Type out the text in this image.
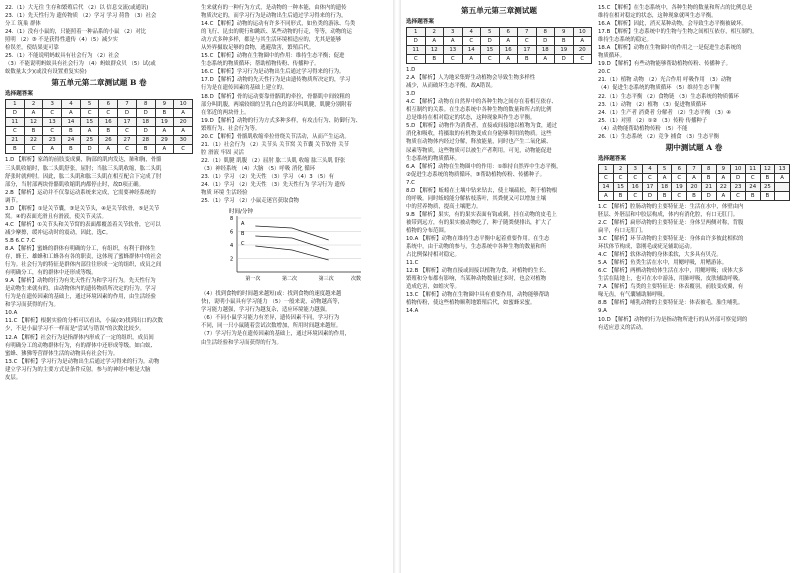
22.（1）大无往 生存和繁殖后代 （2）以 信息交流(或通讯)

23.（1）先天性行为 遗传物质 （2）学习 学习 荷鲁 （3）社会

分工 筑巢 群体

24.（1）没有小鼠的，只能照着一种品系的小鼠 （2）对比

照明 （2）③ 不是获得性遗传（4）（5）减少实

检误差，使结果更可靠

25.（1）不能说明蚂蚁具有社会行为 （2）社会

（3）不能说明蚂蚁具有社会行为 （4）蚂蚁群众贝 （5）试(或

蚁数量太少)(或没有设置重复实验)

第五单元第二章测试题 B 卷
选择题答案
1	2	3	4	5	6	7	8	9	10
D	A	C	A	C	C	D	D	B	A
11	12	13	14	15	16	17	18	19	20
C	B	C	B	A	B	C	D	A	A
21	22	23	24	25	26	27	28	29	30
B	C	A	B	D	A	C	B	A	C

1.D 【解析】家鸽的前肢变成翼，胸部的肌肉发达，肺和胸，骨骼

三头肌收缩时，肱二头肌舒张，屈肘；当肱三头肌收缩，肱二头肌

舒张时就伸肘。因此，肱二头肌和肱三头肌在相互配合下完成了肘

部分，当肘部两块骨骼肌收缩肌肉都停止时，故D项正确。

2.B 【解析】运动并不仅靠运动系统来完成，它需要神经系统的

调节。

3.D 【解析】①是关节囊，③是关节头，④是关节软骨，⑤是关节

窝。④的表面光滑且有滑液，使关节灵活。

4.C 【解析】①关节头和关节窝的表面都覆盖着关节软骨，它可以

减少摩擦，缓冲运动时的震动，因此，选C。

5.B 6.C 7.C

8.A 【解析】蜜蜂的群体有明确的分工，有组织，有利于群体生

存，蜂王、雄蜂和工蜂各有各的职责，这体现了蜜蜂群体中的社会

行为。社会行为的特征是群体内部往往形成一定的组织，成员之间

有明确分工，有的群体中还形成等级。

9.A 【解析】动物的行为有先天性行为和学习行为。先天性行为

是动物生来就有的，由动物体内的遗传物质所决定的行为。学习

行为是在遗传因素的基础上，通过环境因素的作用，由生活经验

和学习而获得的行为。

10.A

11.C 【解析】根据实验的分析可以看出，小鼠(②)找到出口的次数

少，不是小鼠学习不一样而是"尝试与错误"的次数比较少。

12.A 【解析】社会行为是指群体内形成了一定的组织，成员间

有明确分工的动物群体行为，有的群体中还形成等级。如白蚁、

蜜蜂、狒狒等营群体生活的动物具有社会行为。

13.C 【解析】学习行为是动物出生后通过学习得来的行为。动物

建立学习行为的主要方式是条件反射。参与的神经中枢是大脑

皮层。

生来就有的一种行为方式，是动物的一种本能，由体内的遗传

物质决定的，而学习行为是动物出生后通过学习得来的行为，

14.C 【解析】动物的运动有许多不同形式，如鱼类的游泳、鸟类

的飞行、昆虫的爬行和跳跃、某些动物的行走，等等，动物的运

动方式多种多样，都是与其生活环境相适应的，尤其是能够

从外界摄取足够的食物，逃避敌害，繁殖后代。

15.C 【解析】动物在生物圈中的作用：维持生态平衡；促进

生态系统的物质循环；帮助植物传粉、传播种子。

16.C 【解析】学习行为是动物出生后通过学习得来的行为。

17.D 【解析】动物的先天性行为是由遗传物质所决定的，学习

行为是在遗传因素的基础上建立的。

18.D 【解析】骨的运动要靠骨骼肌的牵拉，骨骼肌中间较粗的

部分叫肌腹，两端较细的呈乳白色的部分叫肌腱，肌腱分别附着

在邻近的两块骨上。

19.D 【解析】动物的行为方式多种多样，有攻击行为、防御行为、

繁殖行为、社会行为等。

20.C 【解析】骨骼肌收缩牵拉骨绕关节活动，从而产生运动。

21.（1）社会行为 （2）关节头 关节窝 关节囊 关节软骨 关节

腔 滑液 牢固 灵活

22.（1）肌腱 肌腹 （2）屈肘 肱二头肌 收缩 肱三头肌 舒张

（3）神经系统 （4）大脑 （5）呼吸 消化 循环

23.（1）学习 （2）先天性 （3）学习 （4）3 （5）有

24.（1）学习 （2）先天性 （3）先天性行为 学习行为 遗传

物质 环境 生活经验

25.（1）学习 （2）小鼠走迷宫获取食物

时间/分钟
8
6
4
2
第一次	第二次	第三次	次数
A
B
C

（4）找到食物的时间越来越短(或：找到食物的速度越来越

快)，说明小鼠具有学习能力 （5）一般来说，动物越高等，

学习能力越强，学习行为越复杂，适应环境能力越强。

（6）不同小鼠学习能力有差异，遗传因素不同，学习行为

不同，同一只小鼠随着尝试次数增加，所用时间越来越短。

（7）学习行为是在遗传因素的基础上，通过环境因素的作用，

由生活经验和学习而获得的行为。

第五单元第三章测试题
选择题答案
1	2	3	4	5	6	7	8	9	10
D	A	A	C	D	A	C	D	B	A
11	12	13	14	15	16	17	18	19	20
C	B	C	A	C	A	B	A	D	C

1.D

2.A 【解析】人为地采集野生动植物会导致生物多样性

减少，从而破坏生态平衡，故A错误。

3.D

4.C 【解析】动物在自然界中的各种生物之间存在着相互依存、

相互制约的关系。在生态系统中各种生物的数量和所占的比例

总是维持在相对稳定的状态，这种现象叫作生态平衡。

5.D 【解析】动物作为消费者，直接或间接地以植物为食，通过

消化和吸收，将摄取的有机物变成自身能够利用的物质。这些

物质在动物体内经过分解，释放能量，同时也产生二氧化碳、

尿素等物质，这些物质可以被生产者利用。可见，动物能促进

生态系统的物质循环。

6.A 【解析】动物在生物圈中的作用：①维持自然界中生态平衡，

②促进生态系统的物质循环，③帮助植物传粉、传播种子。

7.C

8.D 【解析】蚯蚓在土壤中钻来钻去，使土壤疏松，利于植物根

的呼吸。同时蚯蚓能分解枯枝落叶，其粪便又可以增加土壤

中的营养物质，提高土壤肥力。

9.B 【解析】果实，有的果实表面有钩或刺，挂在动物的皮毛上

被带到远方，有的果实被动物吃了，种子随粪便排出，扩大了

植物的分布范围。

10.A 【解析】动物在维持生态平衡中起着重要作用。在生态

系统中，由于动物的参与，生态系统中各种生物的数量和所

占比例保持相对稳定。

11.C

12.B 【解析】动物直接或间接以植物为食，对植物的生长、

繁殖和分布都有影响，当某种动物数量过多时，也会对植物

造成危害，如蝗灾等。

13.C 【解析】动物在生物圈中具有重要作用，动物能够帮助

植物传粉，使这些植物顺利地繁殖后代，如蜜蜂采蜜。

14.A

15.C 【解析】在生态系统中，各种生物的数量和所占的比例总是

维持在相对稳定的状态，这种现象就叫生态平衡。

16.A 【解析】因此，消灭某种动物，会导致生态平衡被破坏。

17.B 【解析】生态系统中的生物与生物之间相互依存，相互制约，

维持生态系统的稳定。

18.A 【解析】动物在生物圈中的作用之一是促进生态系统的

物质循环。

19.D 【解析】有些动物能够帮助植物传粉、传播种子。

20.C

21.（1）植物 动物 （2）光合作用 呼吸作用 （3）动物

（4）促进生态系统的物质循环 （5）维持生态平衡

22.（1）生态平衡 （2）食物链 （3）生态系统的物质循环

23.（1）动物 （2）植物 （3）促进物质循环

24.（1）生产者 消费者 分解者 （2）生态平衡 （3）④

25.（1）对照 （2）①② （3）传粉 传播种子

（4）动物能帮助植物传粉 （5）不能

26.（1）生态系统 （2）竞争 捕食 （3）生态平衡

期中测试题 A 卷
选择题答案
1	2	3	4	5	6	7	8	9	10	11	12	13
C	C	C	C	A	C	A	B	A	D	C	B	A
14	15	16	17	18	19	20	21	22	23	24	25	
A	B	C	D	B	C	B	D	A	C	B	B	

1.C 【解析】腔肠动物的主要特征是：生活在水中，体壁由内

胚层、外胚层和中胶层构成，体内有消化腔，有口无肛门。

2.C 【解析】扁形动物的主要特征是：身体呈两侧对称，背腹

扁平，有口无肛门。

3.C 【解析】环节动物的主要特征是：身体由许多彼此相似的

环状体节构成，靠刚毛或疣足辅助运动。

4.C 【解析】软体动物的身体柔软，大多具有贝壳。

5.A 【解析】鱼类生活在水中，用鳃呼吸，用鳍游泳。

6.C 【解析】两栖动物幼体生活在水中，用鳃呼吸；成体大多

生活在陆地上，也可在水中游泳，用肺呼吸，皮肤辅助呼吸。

7.A 【解析】鸟类的主要特征是：体表覆羽，前肢变成翼，有

喙无齿，有气囊辅助肺呼吸。

8.B 【解析】哺乳动物的主要特征是：体表被毛，胎生哺乳。

9.A

10.D 【解析】动物的行为是指动物所进行的从外部可察觉到的

有适应意义的活动。
